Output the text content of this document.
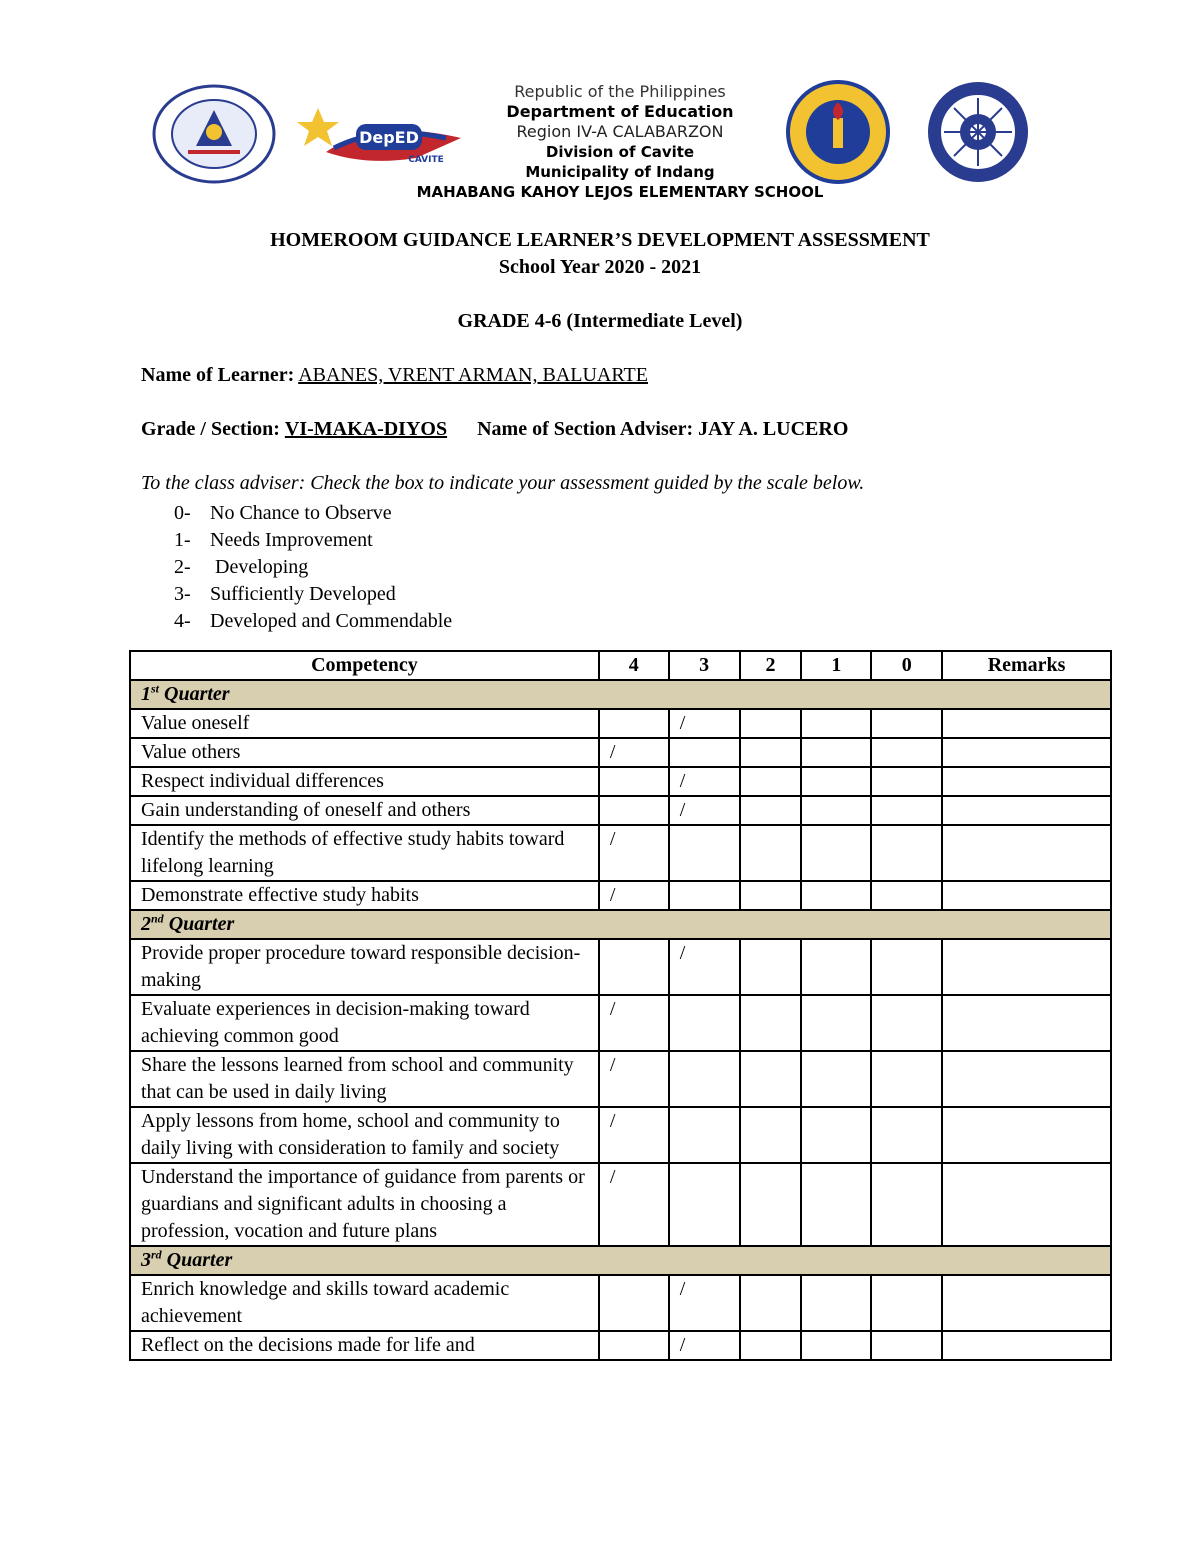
DepED
CAVITE
Republic of the Philippines
Department of Education
Region IV-A CALABARZON
Division of Cavite
Municipality of Indang
MAHABANG KAHOY LEJOS ELEMENTARY SCHOOL
HOMEROOM GUIDANCE LEARNER’S DEVELOPMENT ASSESSMENT
School Year 2020 - 2021
GRADE 4-6 (Intermediate Level)
Name of Learner: ABANES, VRENT ARMAN, BALUARTE
Grade / Section: VI-MAKA-DIYOS Name of Section Adviser: JAY A. LUCERO
To the class adviser: Check the box to indicate your assessment guided by the scale below.
0- No Chance to Observe
1- Needs Improvement
2- Developing
3- Sufficiently Developed
4- Developed and Commendable
Competency	4	3	2	1	0	Remarks
1st Quarter						
Value oneself		/				
Value others	/					
Respect individual differences		/				
Gain understanding of oneself and others		/				
Identify the methods of effective study habits toward lifelong learning	/					
Demonstrate effective study habits	/					
2nd Quarter						
Provide proper procedure toward responsible decision-making		/				
Evaluate experiences in decision-making toward achieving common good	/					
Share the lessons learned from school and community that can be used in daily living	/					
Apply lessons from home, school and community to daily living with consideration to family and society	/					
Understand the importance of guidance from parents or guardians and significant adults in choosing a profession, vocation and future plans	/					
3rd Quarter						
Enrich knowledge and skills toward academic achievement		/				
Reflect on the decisions made for life and		/				
